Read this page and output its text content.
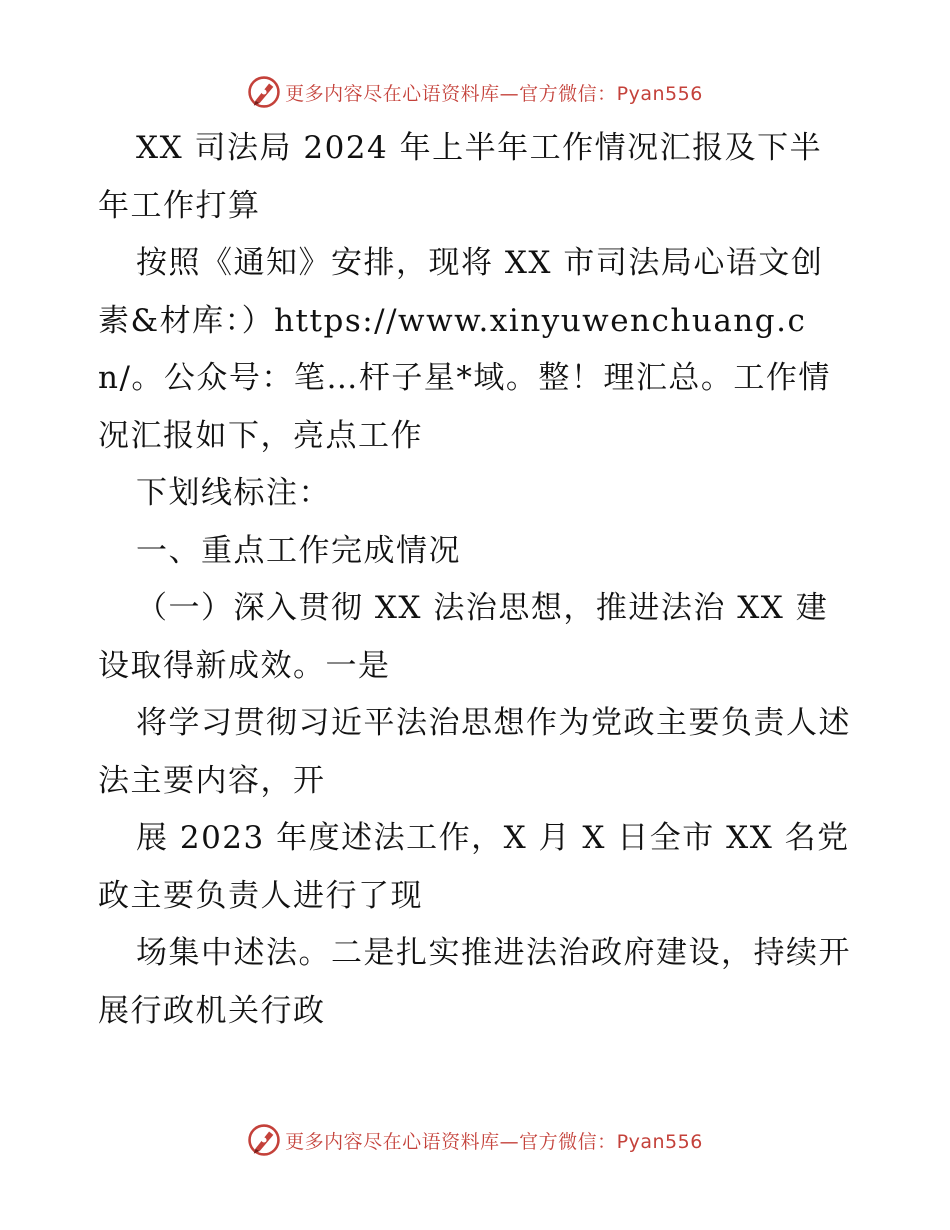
更多内容尽在心语资料库—官方微信：Pyan556

XX 司法局 2024 年上半年工作情况汇报及下半年工作打算

按照《通知》安排，现将 XX 市司法局心语文创素&材库：）https://www.xinyuwenchuang.cn/。公众号：笔…杆子星*域。整！理汇总。工作情况汇报如下，亮点工作

下划线标注：

一、重点工作完成情况

（一）深入贯彻 XX 法治思想，推进法治 XX 建设取得新成效。一是

将学习贯彻习近平法治思想作为党政主要负责人述法主要内容，开

展 2023 年度述法工作，X 月 X 日全市 XX 名党政主要负责人进行了现

场集中述法。二是扎实推进法治政府建设，持续开展行政机关行政

更多内容尽在心语资料库—官方微信：Pyan556
